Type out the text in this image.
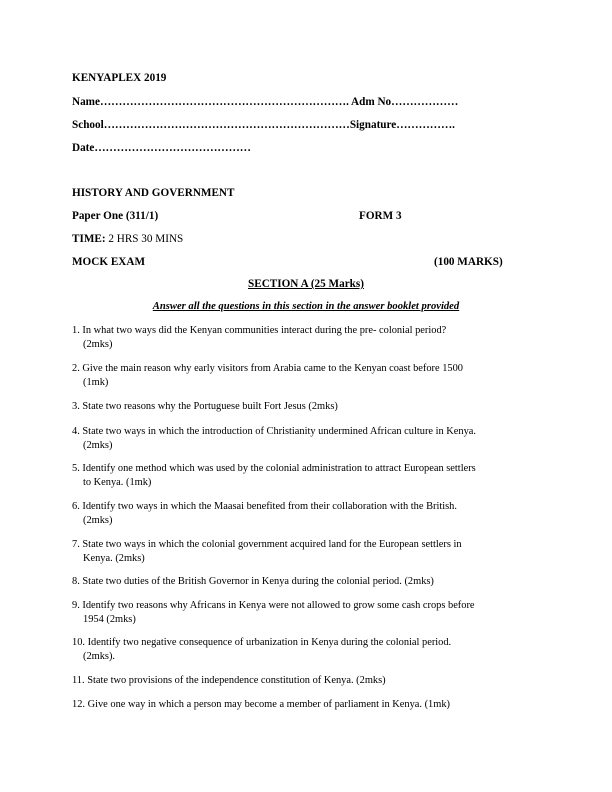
KENYAPLEX 2019
Name…………………………………………………………. Adm No………………
School…………………………………………………………Signature…………….
Date……………………………………
HISTORY AND GOVERNMENT
Paper One (311/1)	FORM 3
TIME: 2 HRS 30 MINS
MOCK EXAM	(100 MARKS)
SECTION A (25 Marks)
Answer all the questions in this section in the answer booklet provided
1. In what two ways did the Kenyan communities interact during the pre- colonial period?
(2mks)
2. Give the main reason why early visitors from Arabia came to the Kenyan coast before 1500
(1mk)
3. State two reasons why the Portuguese built Fort Jesus (2mks)
4. State two ways in which the introduction of Christianity undermined African culture in Kenya.
(2mks)
5. Identify one method which was used by the colonial administration to attract European settlers
to Kenya. (1mk)
6. Identify two ways in which the Maasai benefited from their collaboration with the British.
(2mks)
7. State two ways in which the colonial government acquired land for the European settlers in
Kenya. (2mks)
8. State two duties of the British Governor in Kenya during the colonial period. (2mks)
9. Identify two reasons why Africans in Kenya were not allowed to grow some cash crops before
1954 (2mks)
10. Identify two negative consequence of urbanization in Kenya during the colonial period.
(2mks).
11. State two provisions of the independence constitution of Kenya. (2mks)
12. Give one way in which a person may become a member of parliament in Kenya. (1mk)
